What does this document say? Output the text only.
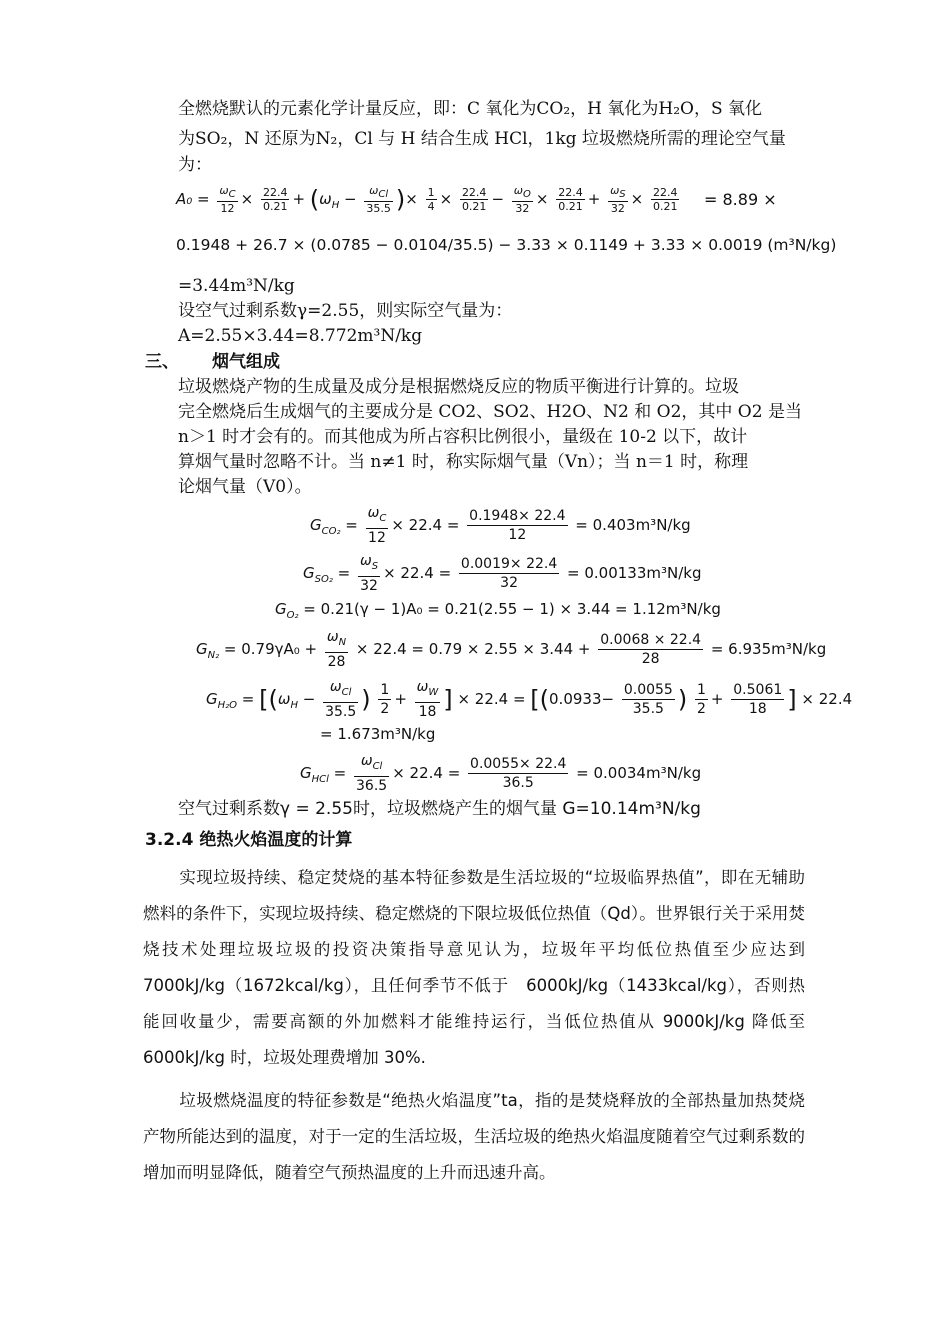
全燃烧默认的元素化学计量反应，即：C 氧化为CO₂，H 氧化为H₂O，S 氧化
为SO₂，N 还原为N₂，Cl 与 H 结合生成 HCl，1kg 垃圾燃烧所需的理论空气量
为：
$A_0 = \frac{\omega_C}{12} \times \frac{22.4}{0.21} + (\omega_H - \frac{\omega_{Cl}}{35.5}$ )× $\frac{1}{4} \times \frac{22.4}{0.21} - \frac{\omega_O}{32} \times \frac{22.4}{0.21} + \frac{\omega_S}{32} \times \frac{22.4}{0.21} = 8.89$ ×
0.1948 + 26.7 × (0.0785 − 0.0104/35.5) − 3.33 × 0.1149 + 3.33 × 0.0019 (m³N/kg)
=3.44m³N/kg
设空气过剩系数γ=2.55，则实际空气量为：
A=2.55×3.44=8.772m³N/kg
三、 烟气组成
垃圾燃烧产物的生成量及成分是根据燃烧反应的物质平衡进行计算的。垃圾
完全燃烧后生成烟气的主要成分是 CO2、SO2、H2O、N2 和 O2，其中 O2 是当
n＞1 时才会有的。而其他成为所占容积比例很小，量级在 10-2 以下，故计
算烟气量时忽略不计。当 n≠1 时，称实际烟气量（Vn）；当 n＝1 时，称理
论烟气量（V0）。
$G_{CO_2} = \frac{\omega_C}{12} \times 22.4 = \frac{0.1948\times 22.4}{12} = 0.403m^3N/kg$
$G_{SO_2} = \frac{\omega_S}{32} \times 22.4 = \frac{0.0019\times 22.4}{32} = 0.00133m^3N/kg$
$G_{O_2} = 0.21(\gamma - 1)A_0 = 0.21(2.55 - 1) \times 3.44 = 1.12m^3N/kg$
$G_{N_2} = 0.79\gamma A_0 + \frac{\omega_N}{28} \times 22.4 = 0.79 \times 2.55 \times 3.44 + \frac{0.0068 \times 22.4}{28} = 6.935m^3N/kg$
$G_{H_2O} = [(\omega_H - \frac{\omega_{Cl}}{35.5}$ ) $\frac{1}{2} + \frac{\omega_W}{18}$ ] × $22.4 = [(0.0933- \frac{0.0055}{35.5}$ ) $\frac{1}{2} + \frac{0.5061}{18}$ ] × 22.4
= 1.673m³N/kg
$G_{HCl} = \frac{\omega_{Cl}}{36.5} \times 22.4 = \frac{0.0055\times 22.4}{36.5} = 0.0034m^3N/kg$
空气过剩系数γ = 2.55时，垃圾燃烧产生的烟气量 G=10.14m³N/kg
3.2.4 绝热火焰温度的计算
实现垃圾持续、稳定焚烧的基本特征参数是生活垃圾的“垃圾临界热值”，即在无辅助燃料的条件下，实现垃圾持续、稳定燃烧的下限垃圾低位热值（Qd）。世界银行关于采用焚烧技术处理垃圾垃圾的投资决策指导意见认为，垃圾年平均低位热值至少应达到　7000kJ/kg（1672kcal/kg），且任何季节不低于　6000kJ/kg（1433kcal/kg），否则热能回收量少，需要高额的外加燃料才能维持运行，当低位热值从 9000kJ/kg 降低至 6000kJ/kg 时，垃圾处理费增加 30%.
垃圾燃烧温度的特征参数是“绝热火焰温度”ta，指的是焚烧释放的全部热量加热焚烧产物所能达到的温度，对于一定的生活垃圾，生活垃圾的绝热火焰温度随着空气过剩系数的增加而明显降低，随着空气预热温度的上升而迅速升高。
